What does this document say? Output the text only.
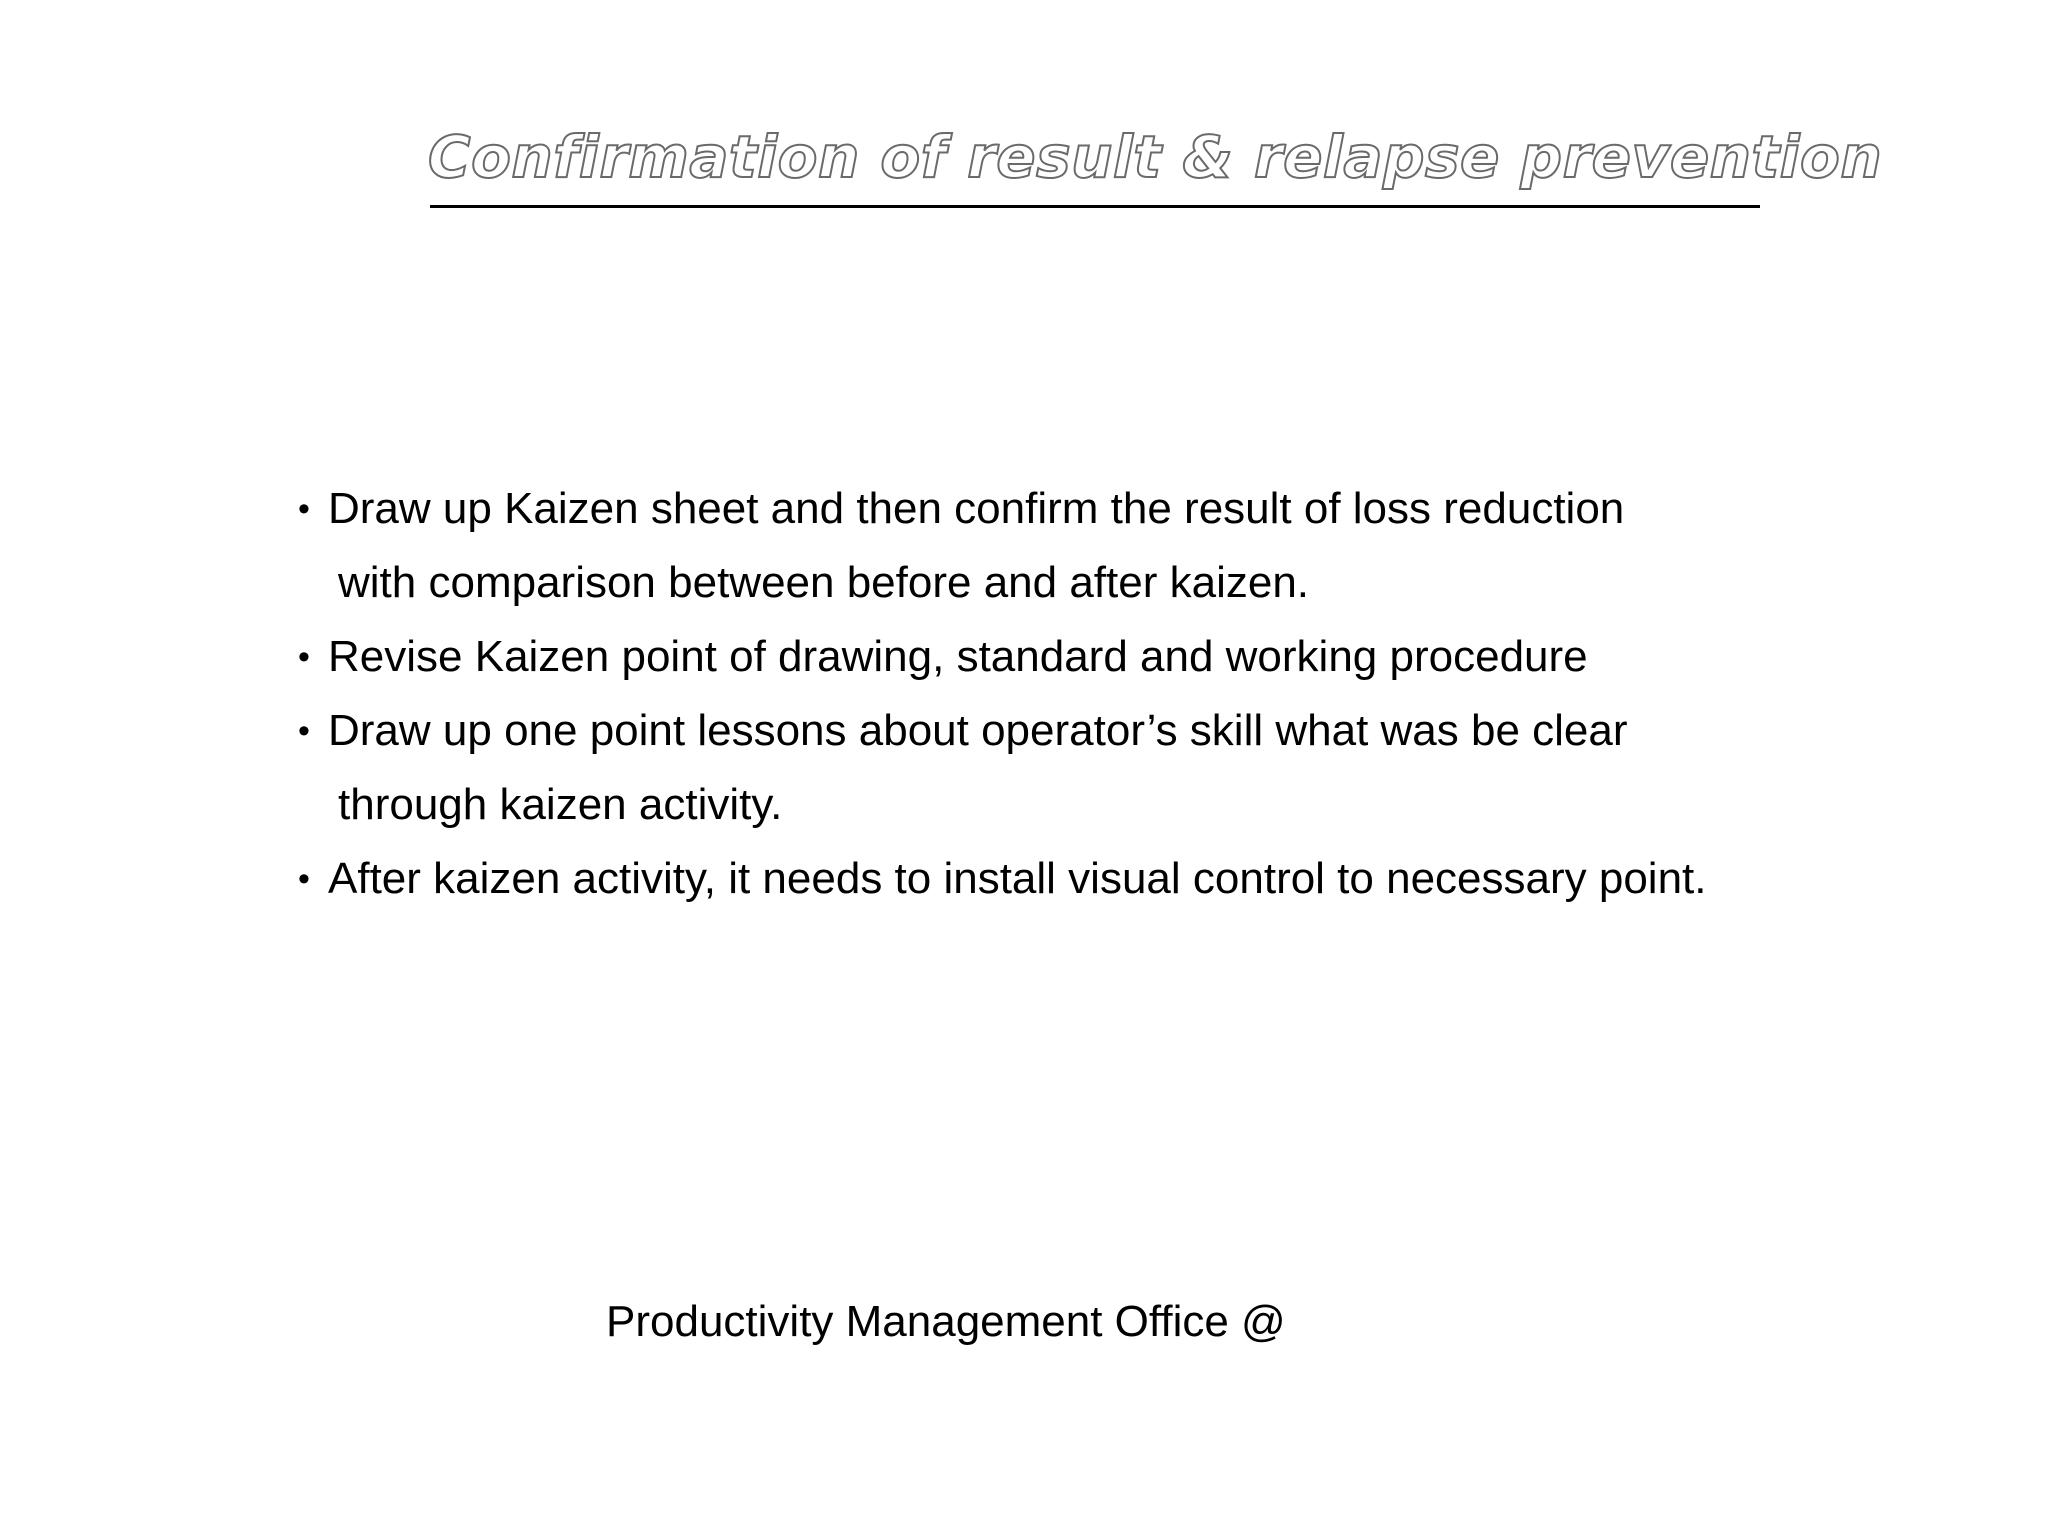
Confirmation of result & relapse prevention
• Draw up Kaizen sheet and then confirm the result of loss reduction
with comparison between before and after kaizen.
• Revise Kaizen point of drawing, standard and working procedure
• Draw up one point lessons about operator’s skill what was be clear
through kaizen activity.
• After kaizen activity, it needs to install visual control to necessary point.

Productivity Management Office @
